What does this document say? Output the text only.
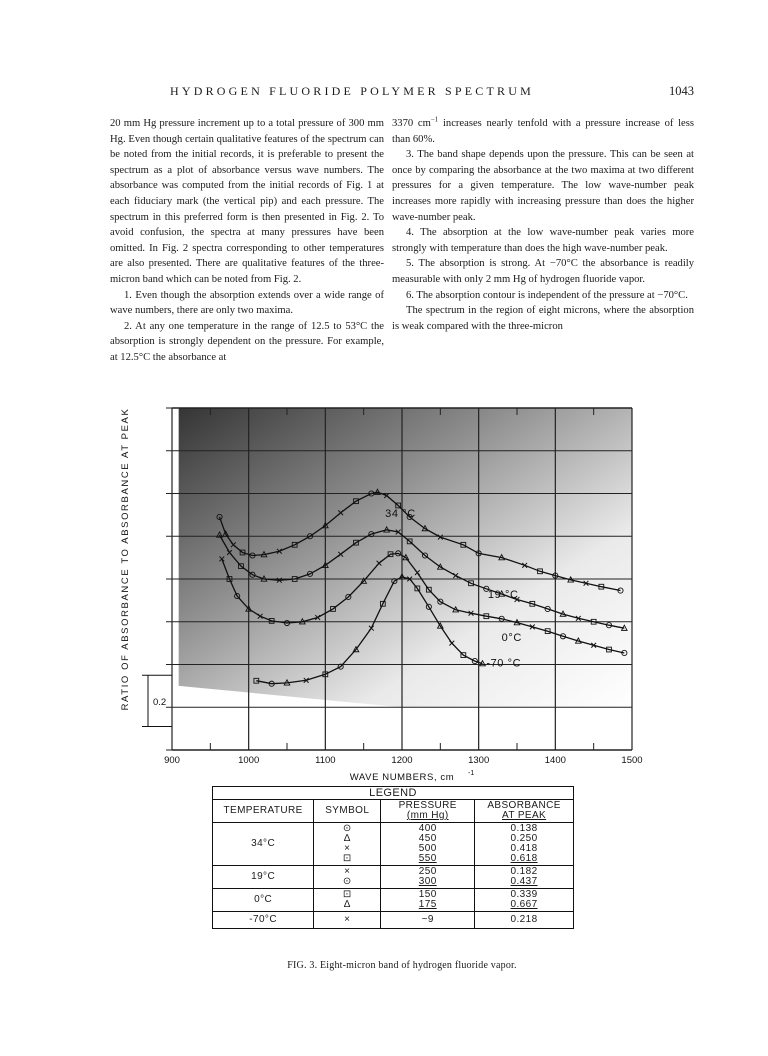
HYDROGEN FLUORIDE POLYMER SPECTRUM	1043

20 mm Hg pressure increment up to a total pressure of 300 mm Hg. Even though certain qualitative features of the spectrum can be noted from the initial records, it is preferable to present the spectrum as a plot of absorbance versus wave numbers. The absorbance was computed from the initial records of Fig. 1 at each fiduciary mark (the vertical pip) and each pressure. The spectrum in this preferred form is then presented in Fig. 2. To avoid confusion, the spectra at many pressures have been omitted. In Fig. 2 spectra corresponding to other temperatures are also presented. There are qualitative features of the three-micron band which can be noted from Fig. 2.

1. Even though the absorption extends over a wide range of wave numbers, there are only two maxima.

2. At any one temperature in the range of 12.5 to 53°C the absorption is strongly dependent on the pressure. For example, at 12.5°C the absorbance at

3370 $cm^{-1}$ increases nearly tenfold with a pressure increase of less than 60%.

3. The band shape depends upon the pressure. This can be seen at once by comparing the absorbance at the two maxima at two different pressures for a given temperature. The low wave-number peak increases more rapidly with increasing pressure than does the higher wave-number peak.

4. The absorption at the low wave-number peak varies more strongly with temperature than does the high wave-number peak.

5. The absorption is strong. At −70°C the absorbance is readily measurable with only 2 mm Hg of hydrogen fluoride vapor.

6. The absorption contour is independent of the pressure at −70°C.

The spectrum in the region of eight microns, where the absorption is weak compared with the three-micron

34 °C
19 °C
0°C
-70 °C
900	1000	1100	1200	1300	1400	1500
WAVE NUMBERS, cm -1
RATIO OF ABSORBANCE TO ABSORBANCE AT PEAK 0.2
LEGEND			
TEMPERATURE	SYMBOL	PRESSURE
(mm Hg)	ABSORBANCE
AT PEAK

34°C	⊙
∆
×
⊡	400
450
500
550	0.138
0.250
0.418
0.618

19°C	×
⊙	250
300	0.182
0.437

0°C	⊡
∆	150
175	0.339
0.667

-70°C	×	~9	0.218
FIG. 3. Eight-micron band of hydrogen fluoride vapor.
